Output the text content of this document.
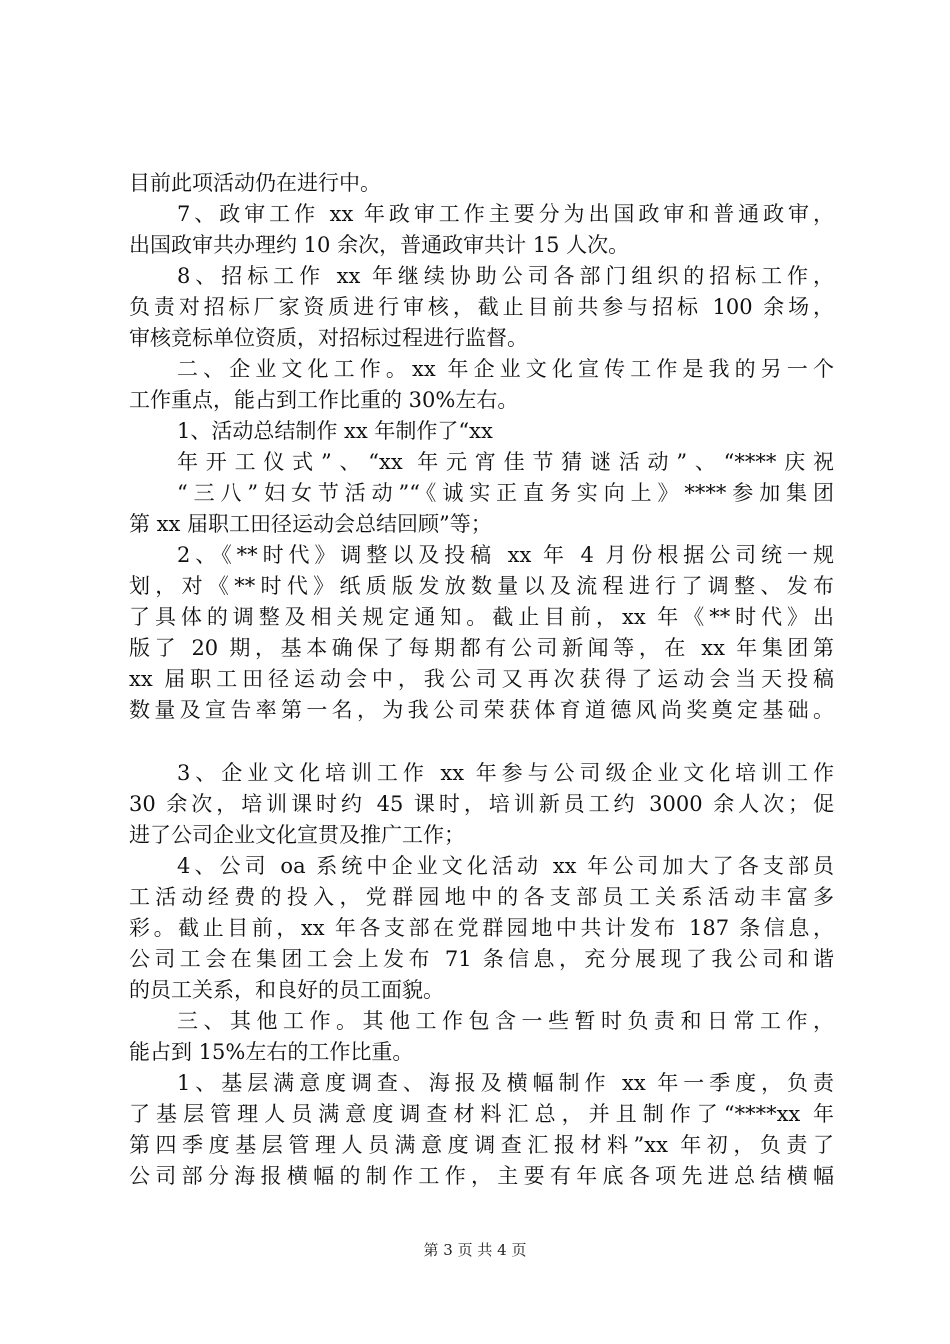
目前此项活动仍在进行中。
7、政审工作 xx 年政审工作主要分为出国政审和普通政审，
出国政审共办理约 10 余次，普通政审共计 15 人次。
8、招标工作 xx 年继续协助公司各部门组织的招标工作，
负责对招标厂家资质进行审核，截止目前共参与招标 100 余场，
审核竞标单位资质，对招标过程进行监督。
二、企业文化工作。xx 年企业文化宣传工作是我的另一个
工作重点，能占到工作比重的 30%左右。
1、活动总结制作 xx 年制作了“xx
年开工仪式”、“xx 年元宵佳节猜谜活动”、“****庆祝
“三八”妇女节活动”“《诚实正直务实向上》****参加集团
第 xx 届职工田径运动会总结回顾”等；
2、《**时代》调整以及投稿 xx 年 4 月份根据公司统一规
划，对《**时代》纸质版发放数量以及流程进行了调整、发布
了具体的调整及相关规定通知。截止目前，xx 年《**时代》出
版了 20 期，基本确保了每期都有公司新闻等，在 xx 年集团第
xx 届职工田径运动会中，我公司又再次获得了运动会当天投稿
数量及宣告率第一名，为我公司荣获体育道德风尚奖奠定基础。
3、企业文化培训工作 xx 年参与公司级企业文化培训工作
30 余次，培训课时约 45 课时，培训新员工约 3000 余人次；促
进了公司企业文化宣贯及推广工作；
4、公司 oa 系统中企业文化活动 xx 年公司加大了各支部员
工活动经费的投入，党群园地中的各支部员工关系活动丰富多
彩。截止目前，xx 年各支部在党群园地中共计发布 187 条信息，
公司工会在集团工会上发布 71 条信息，充分展现了我公司和谐
的员工关系，和良好的员工面貌。
三、其他工作。其他工作包含一些暂时负责和日常工作，
能占到 15%左右的工作比重。
1、基层满意度调查、海报及横幅制作 xx 年一季度，负责
了基层管理人员满意度调查材料汇总，并且制作了“****xx 年
第四季度基层管理人员满意度调查汇报材料”xx 年初，负责了
公司部分海报横幅的制作工作，主要有年底各项先进总结横幅
第 3 页 共 4 页
